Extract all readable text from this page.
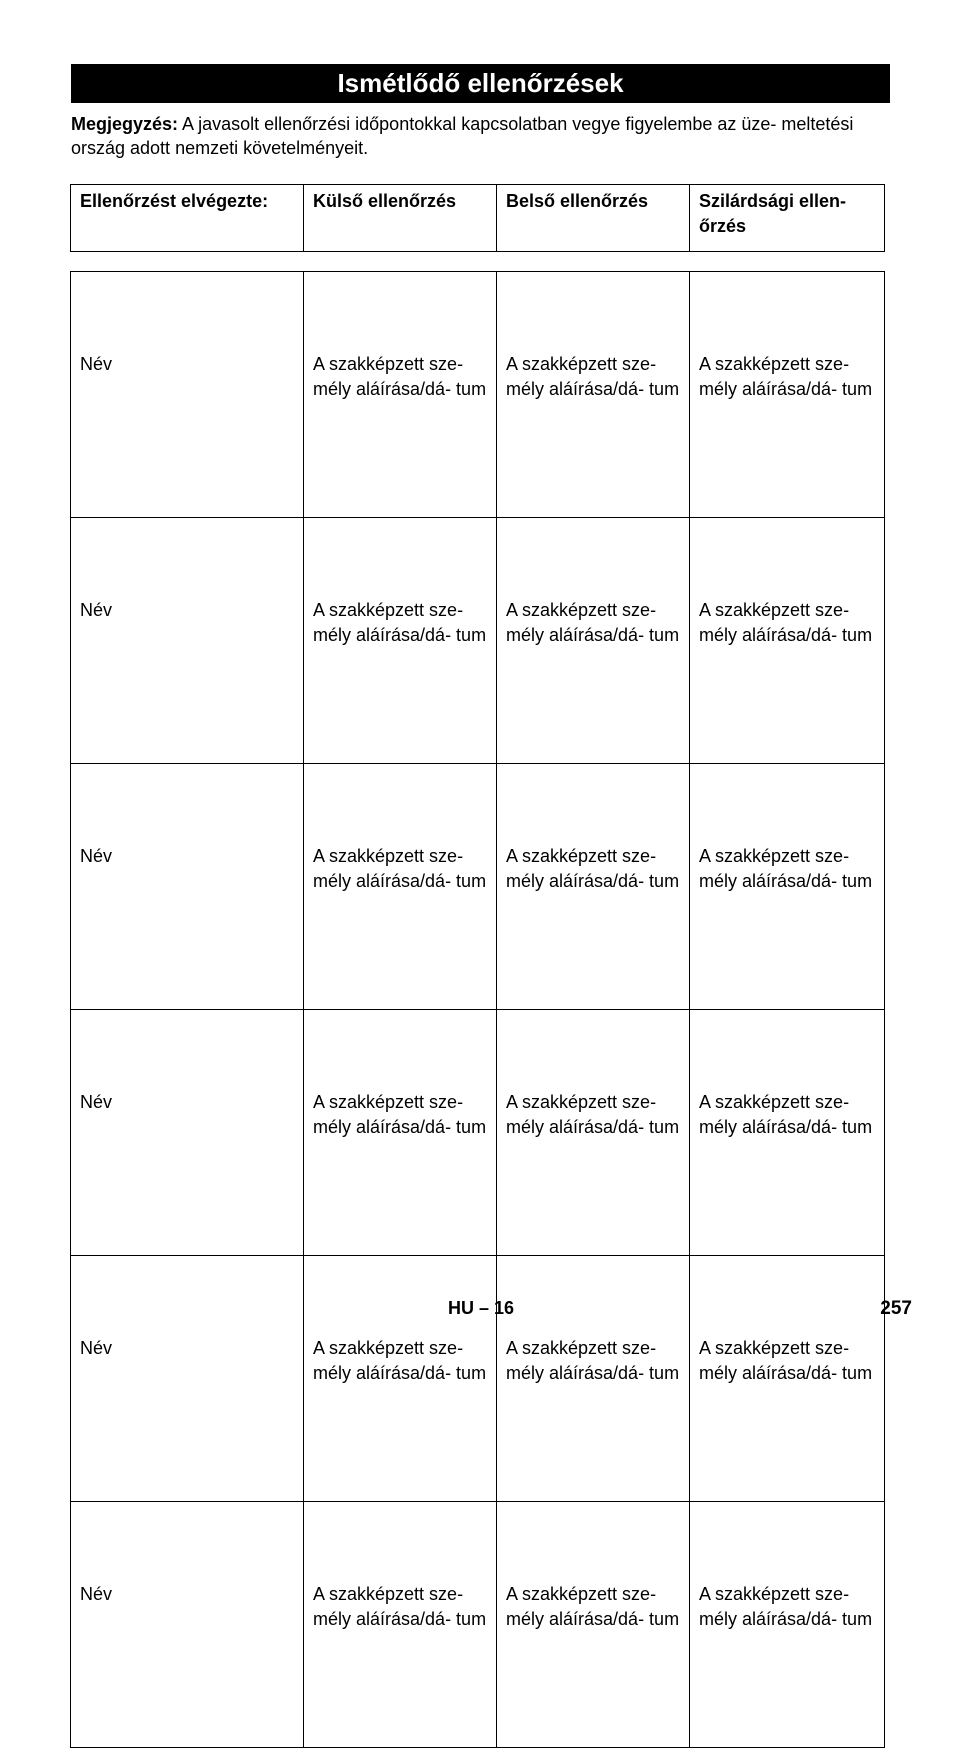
Ismétlődő ellenőrzések
Megjegyzés: A javasolt ellenőrzési időpontokkal kapcsolatban vegye figyelembe az üze- meltetési ország adott nemzeti követelményeit.
Ellenőrzést elvégezte:	Külső ellenőrzés	Belső ellenőrzés	Szilárdsági ellen- őrzés
Név	A szakképzett sze- mély aláírása/dá- tum	A szakképzett sze- mély aláírása/dá- tum	A szakképzett sze- mély aláírása/dá- tum
Név	A szakképzett sze- mély aláírása/dá- tum	A szakképzett sze- mély aláírása/dá- tum	A szakképzett sze- mély aláírása/dá- tum
Név	A szakképzett sze- mély aláírása/dá- tum	A szakképzett sze- mély aláírása/dá- tum	A szakképzett sze- mély aláírása/dá- tum
Név	A szakképzett sze- mély aláírása/dá- tum	A szakképzett sze- mély aláírása/dá- tum	A szakképzett sze- mély aláírása/dá- tum
Név	A szakképzett sze- mély aláírása/dá- tum	A szakképzett sze- mély aláírása/dá- tum	A szakképzett sze- mély aláírása/dá- tum
Név	A szakképzett sze- mély aláírása/dá- tum	A szakképzett sze- mély aláírása/dá- tum	A szakképzett sze- mély aláírása/dá- tum
HU – 16	257
